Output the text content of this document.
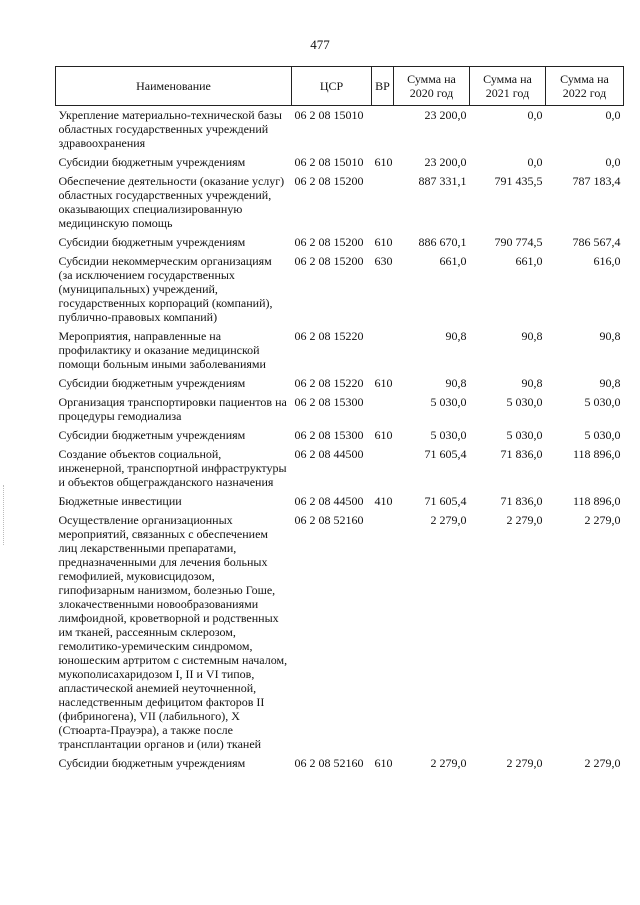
477
Наименование	ЦСР	ВР	Сумма на 2020 год	Сумма на 2021 год	Сумма на 2022 год
Укрепление материально-технической базы областных государственных учреждений здравоохранения	06 2 08 15010		23 200,0	0,0	0,0
Субсидии бюджетным учреждениям	06 2 08 15010	610	23 200,0	0,0	0,0
Обеспечение деятельности (оказание услуг) областных государственных учреждений, оказывающих специализированную медицинскую помощь	06 2 08 15200		887 331,1	791 435,5	787 183,4
Субсидии бюджетным учреждениям	06 2 08 15200	610	886 670,1	790 774,5	786 567,4
Субсидии некоммерческим организациям (за исключением государственных (муниципальных) учреждений, государственных корпораций (компаний), публично-правовых компаний)	06 2 08 15200	630	661,0	661,0	616,0
Мероприятия, направленные на профилактику и оказание медицинской помощи больным иными заболеваниями	06 2 08 15220		90,8	90,8	90,8
Субсидии бюджетным учреждениям	06 2 08 15220	610	90,8	90,8	90,8
Организация транспортировки пациентов на процедуры гемодиализа	06 2 08 15300		5 030,0	5 030,0	5 030,0
Субсидии бюджетным учреждениям	06 2 08 15300	610	5 030,0	5 030,0	5 030,0
Создание объектов социальной, инженерной, транспортной инфраструктуры и объектов общегражданского назначения	06 2 08 44500		71 605,4	71 836,0	118 896,0
Бюджетные инвестиции	06 2 08 44500	410	71 605,4	71 836,0	118 896,0
Осуществление организационных мероприятий, связанных с обеспечением лиц лекарственными препаратами, предназначенными для лечения больных гемофилией, муковисцидозом, гипофизарным нанизмом, болезнью Гоше, злокачественными новообразованиями лимфоидной, кроветворной и родственных им тканей, рассеянным склерозом, гемолитико-уремическим синдромом, юношеским артритом с системным началом, мукополисахаридозом I, II и VI типов, апластической анемией неуточненной, наследственным дефицитом факторов II (фибриногена), VII (лабильного), X (Стюарта-Прауэра), а также после трансплантации органов и (или) тканей	06 2 08 52160		2 279,0	2 279,0	2 279,0
Субсидии бюджетным учреждениям	06 2 08 52160	610	2 279,0	2 279,0	2 279,0
